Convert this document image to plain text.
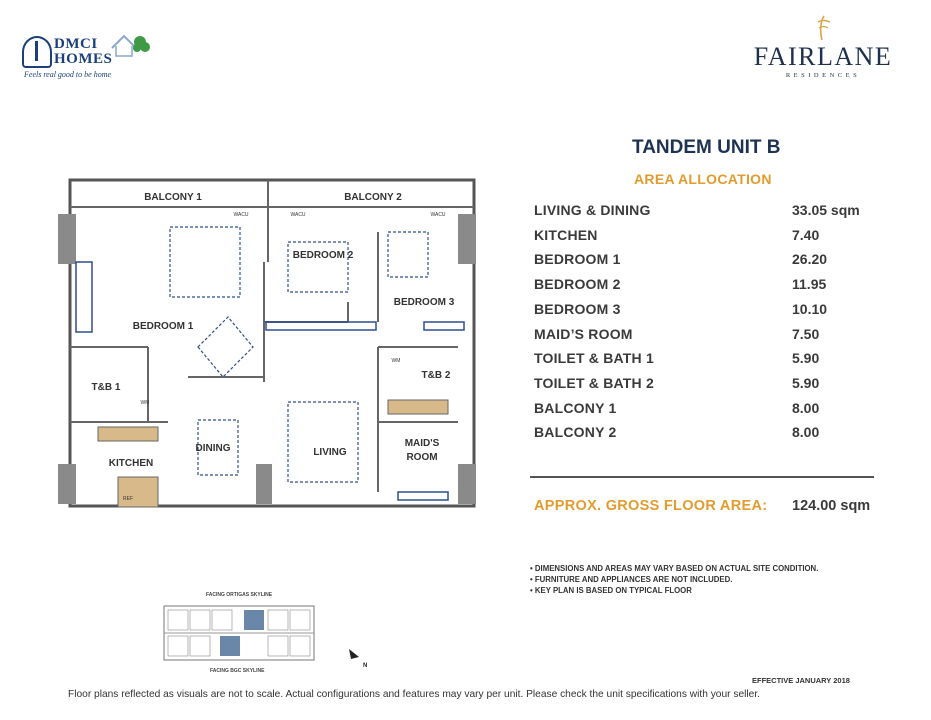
DMCI
HOMES
Feels real good to be home
FAIRLANE
RESIDENCES
TANDEM UNIT B
AREA ALLOCATION
LIVING & DINING	33.05 sqm
KITCHEN	7.40
BEDROOM 1	26.20
BEDROOM 2	11.95
BEDROOM 3	10.10
MAID’S ROOM	7.50
TOILET & BATH 1	5.90
TOILET & BATH 2	5.90
BALCONY 1	8.00
BALCONY 2	8.00
APPROX. GROSS FLOOR AREA: 124.00 sqm
• DIMENSIONS AND AREAS MAY VARY BASED ON ACTUAL SITE CONDITION.
• FURNITURE AND APPLIANCES ARE NOT INCLUDED.
• KEY PLAN IS BASED ON TYPICAL FLOOR
BALCONY 1	BALCONY 2
BEDROOM 1
BEDROOM 2
BEDROOM 3
T&B 1
T&B 2
KITCHEN
DINING	LIVING
MAID'S
ROOM
WACU	WACU	WACU
WM
WM
REF
FACING ORTIGAS SKYLINE
FACING BGC SKYLINE
N
EFFECTIVE JANUARY 2018
Floor plans reflected as visuals are not to scale. Actual configurations and features may vary per unit. Please check the unit specifications with your seller.
